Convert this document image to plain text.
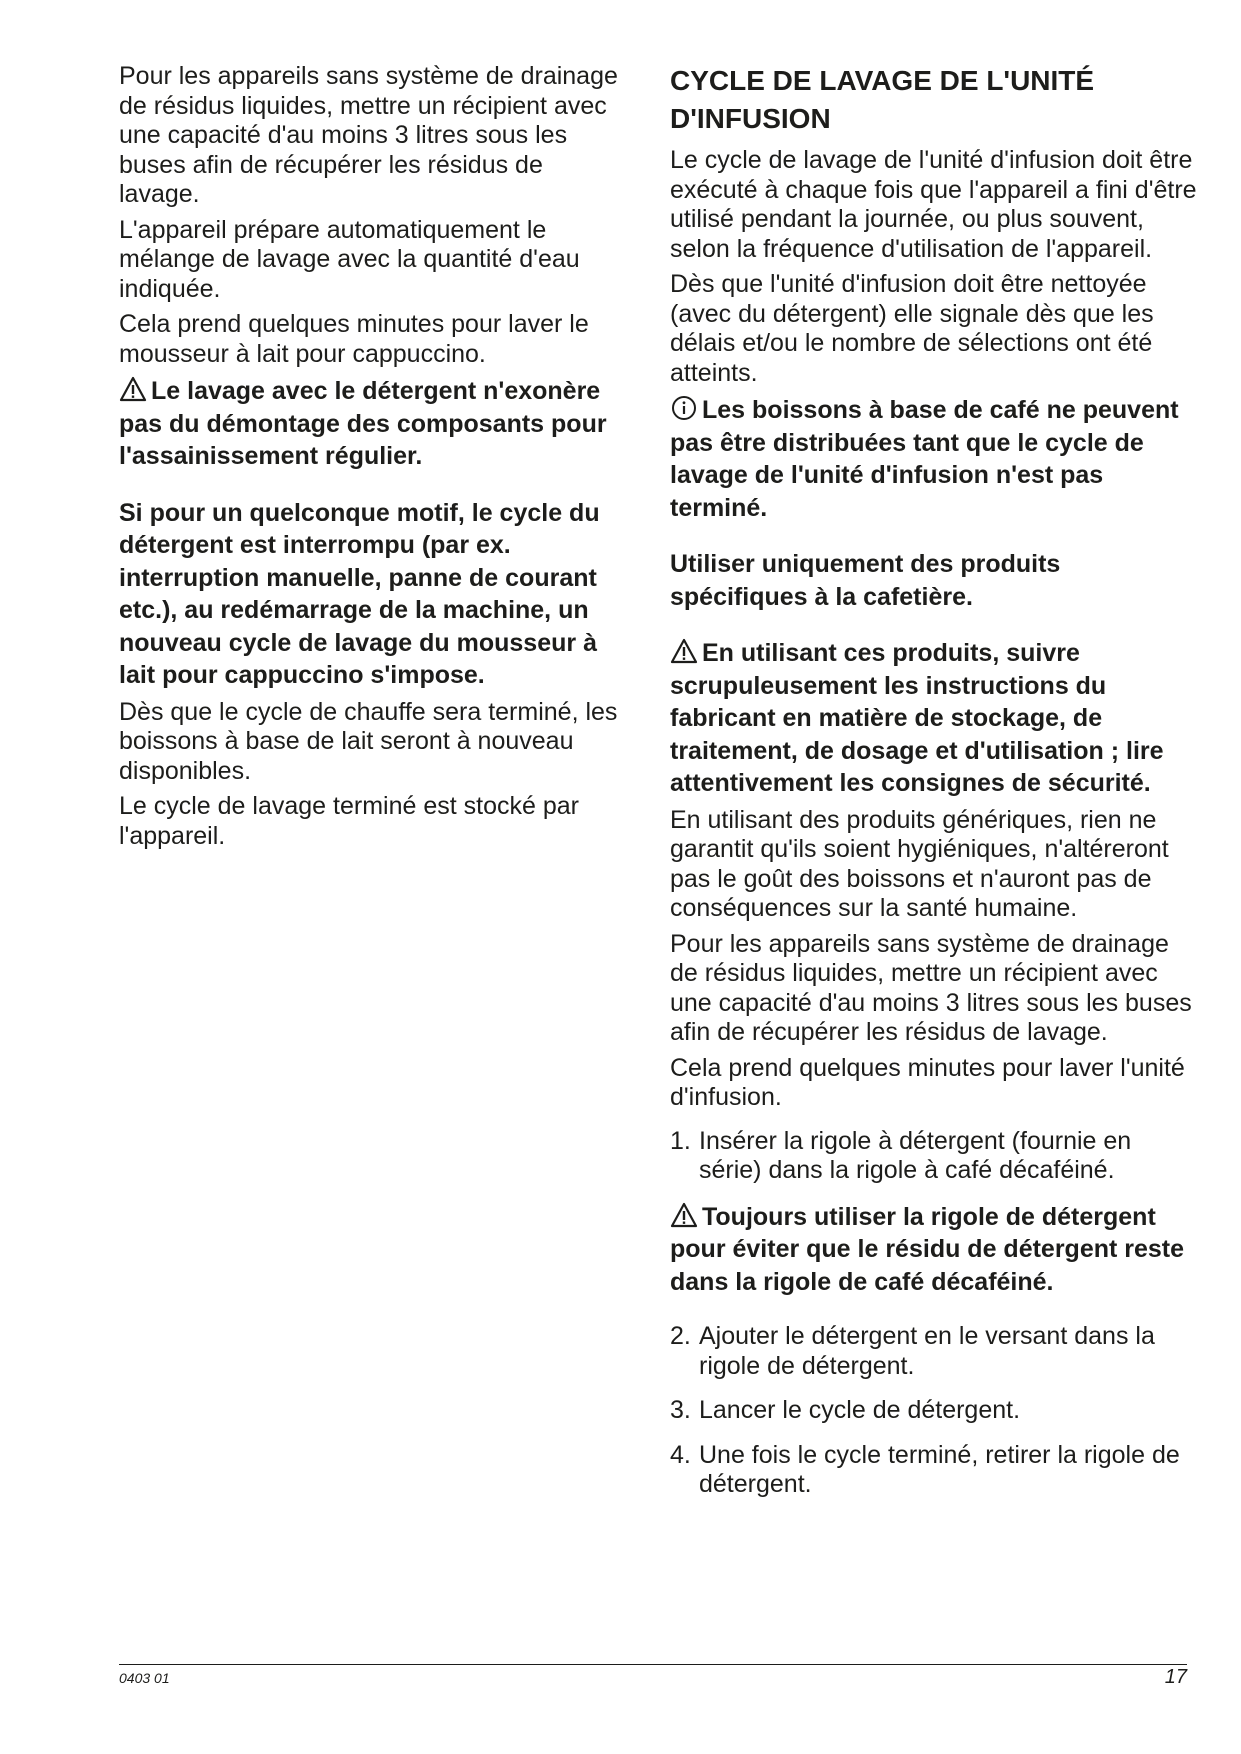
Pour les appareils sans système de drainage de résidus liquides, mettre un récipient avec une capacité d'au moins 3 litres sous les buses afin de récupérer les résidus de lavage.

L'appareil prépare automatiquement le mélange de lavage avec la quantité d'eau indiquée.

Cela prend quelques minutes pour laver le mousseur à lait pour cappuccino.

Le lavage avec le détergent n'exonère pas du démontage des composants pour l'assainissement régulier.

Si pour un quelconque motif, le cycle du détergent est interrompu (par ex. interruption manuelle, panne de courant etc.), au redémarrage de la machine, un nouveau cycle de lavage du mousseur à lait pour cappuccino s'impose.

Dès que le cycle de chauffe sera terminé, les boissons à base de lait seront à nouveau disponibles.

Le cycle de lavage terminé est stocké par l'appareil.

CYCLE DE LAVAGE DE L'UNITÉ D'INFUSION

Le cycle de lavage de l'unité d'infusion doit être exécuté à chaque fois que l'appareil a fini d'être utilisé pendant la journée, ou plus souvent, selon la fréquence d'utilisation de l'appareil.

Dès que l'unité d'infusion doit être nettoyée (avec du détergent) elle signale dès que les délais et/ou le nombre de sélections ont été atteints.

Les boissons à base de café ne peuvent pas être distribuées tant que le cycle de lavage de l'unité d'infusion n'est pas terminé.

Utiliser uniquement des produits spécifiques à la cafetière.

En utilisant ces produits, suivre scrupuleusement les instructions du fabricant en matière de stockage, de traitement, de dosage et d'utilisation ; lire attentivement les consignes de sécurité.

En utilisant des produits génériques, rien ne garantit qu'ils soient hygiéniques, n'altéreront pas le goût des boissons et n'auront pas de conséquences sur la santé humaine.

Pour les appareils sans système de drainage de résidus liquides, mettre un récipient avec une capacité d'au moins 3 litres sous les buses afin de récupérer les résidus de lavage.

Cela prend quelques minutes pour laver l'unité d'infusion.

1. Insérer la rigole à détergent (fournie en série) dans la rigole à café décaféiné.

Toujours utiliser la rigole de détergent pour éviter que le résidu de détergent reste dans la rigole de café décaféiné.

2. Ajouter le détergent en le versant dans la rigole de détergent.
3. Lancer le cycle de détergent.
4. Une fois le cycle terminé, retirer la rigole de détergent.
0403 01	17
